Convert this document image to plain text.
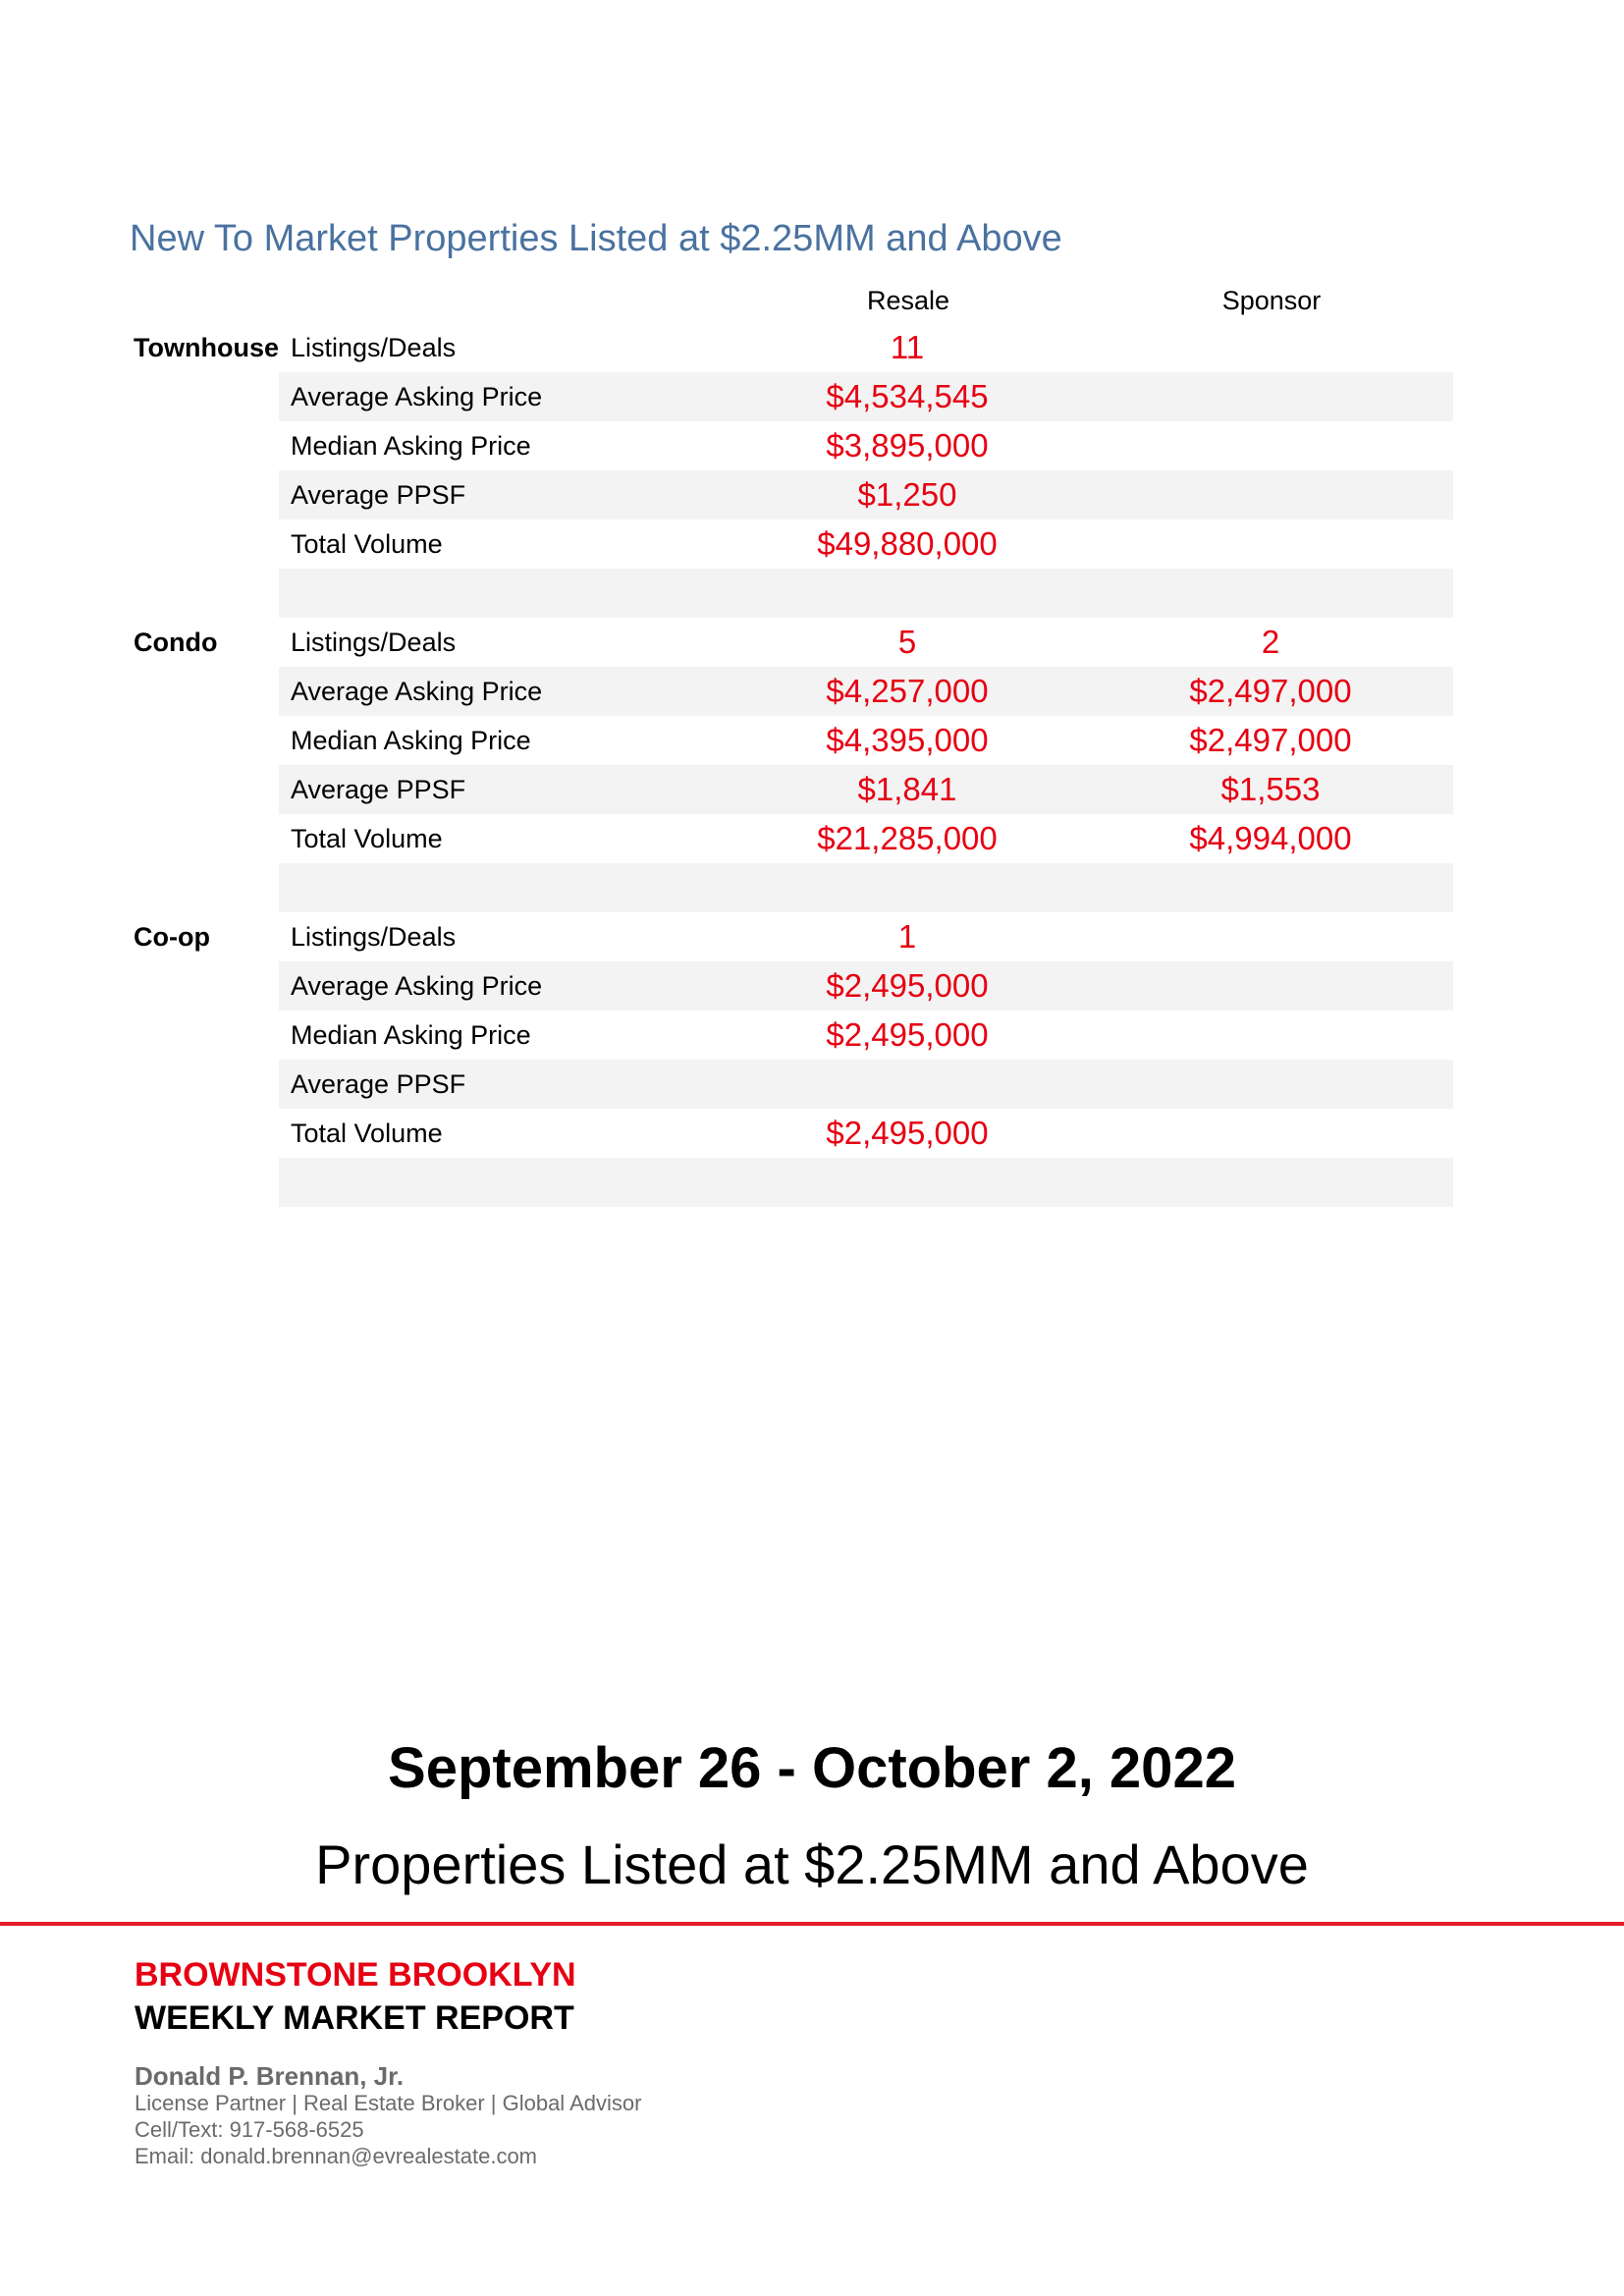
New To Market Properties Listed at $2.25MM and Above
Resale	Sponsor
Townhouse Listings/Deals	11
Average Asking Price	$4,534,545
Median Asking Price	$3,895,000
Average PPSF	$1,250
Total Volume	$49,880,000
Condo	Listings/Deals	5	2
Average Asking Price	$4,257,000	$2,497,000
Median Asking Price	$4,395,000	$2,497,000
Average PPSF	$1,841	$1,553
Total Volume	$21,285,000	$4,994,000
Co-op	Listings/Deals	1
Average Asking Price	$2,495,000
Median Asking Price	$2,495,000
Average PPSF
Total Volume	$2,495,000
September 26 - October 2, 2022
Properties Listed at $2.25MM and Above
BROWNSTONE BROOKLYN
WEEKLY MARKET REPORT
Donald P. Brennan, Jr.
License Partner | Real Estate Broker | Global Advisor
Cell/Text: 917-568-6525
Email: donald.brennan@evrealestate.com
